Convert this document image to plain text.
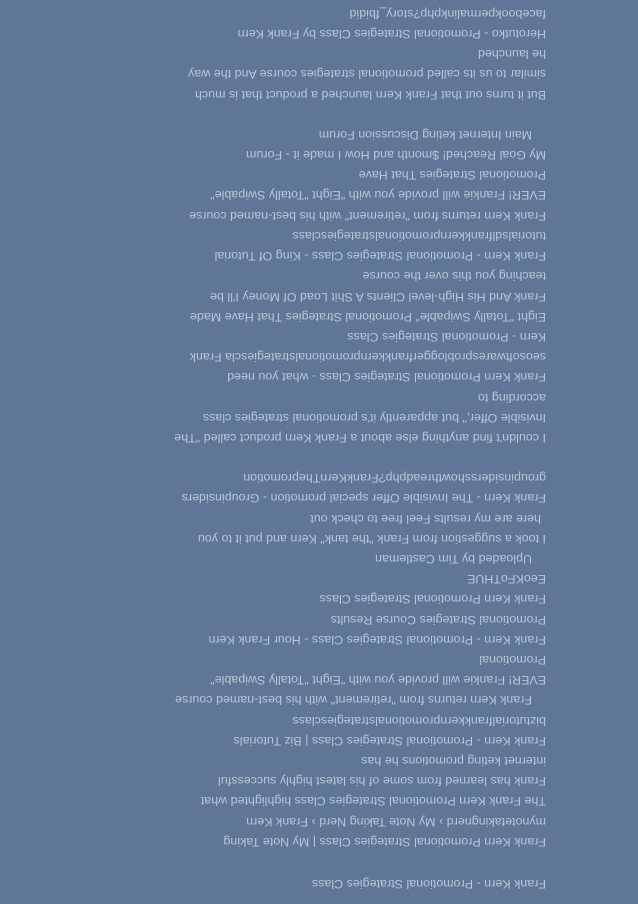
Frank Kern - Promotional Strategies Class
Frank Kern Promotional Strategies Class | My Note Taking
mynotetakingnerd › My Note Taking Nerd › Frank Kern
The Frank Kern Promotional Strategies Class highlighted what
Frank has learned from some of his latest highly successful
internet keting promotions he has
Frank Kern - Promotional Strategies Class | Biz Tutorials
biztutorialfrankkernpromotionalstrategiesclass
Frank Kern returns from "retirement" with his best-named course
EVER! Frankie will provide you with "Eight "Totally Swipable"
Promotional
Frank Kern - Promotional Strategies Class - Hour Frank Kern
Promotional Strategies Course Results
Frank Kern Promotional Strategies Class
EeoKFoTHUE
Uploaded by Tim Castleman
I took a suggestion from Frank "the tank" Kern and put it to you
here are my results Feel free to check out
Frank Kern - The Invisible Offer special promotion - Groupinsiders
groupinsidersshowthreadphp?FrankKernThepromotion
I couldn't find anything else about a Frank Kern product called "The
Invisible Offer," but apparently it's promotional strategies class
according to
Frank Kern Promotional Strategies Class - what you need
seosoftwaresprobloggerfrankkernpromotionalstrategiescla Frank
Kern - Promotional Strategies Class
Eight "Totally Swipable" Promotional Strategies That Have Made
Frank And His High-level Clients A Shit Load Of Money I'll be
teaching you this over the course
Frank Kern - Promotional Strategies Class - King Of Tutorial
tutorialsdlfrankkernpromotionalstrategiesclass
Frank Kern returns from "retirement" with his best-named course
EVER! Frankie will provide you with "Eight "Totally Swipable"
Promotional Strategies That Have
My Goal Reached! $month and How I made it - Forum
Main Internet keting Discussion Forum
But it turns out that Frank Kern launched a product that is much
similar to us its called promotional strategies course And the way
he launched
Herotutko - Promotional Strategies Class by Frank Kern
facebookpermalinkphp?story_fbidid
